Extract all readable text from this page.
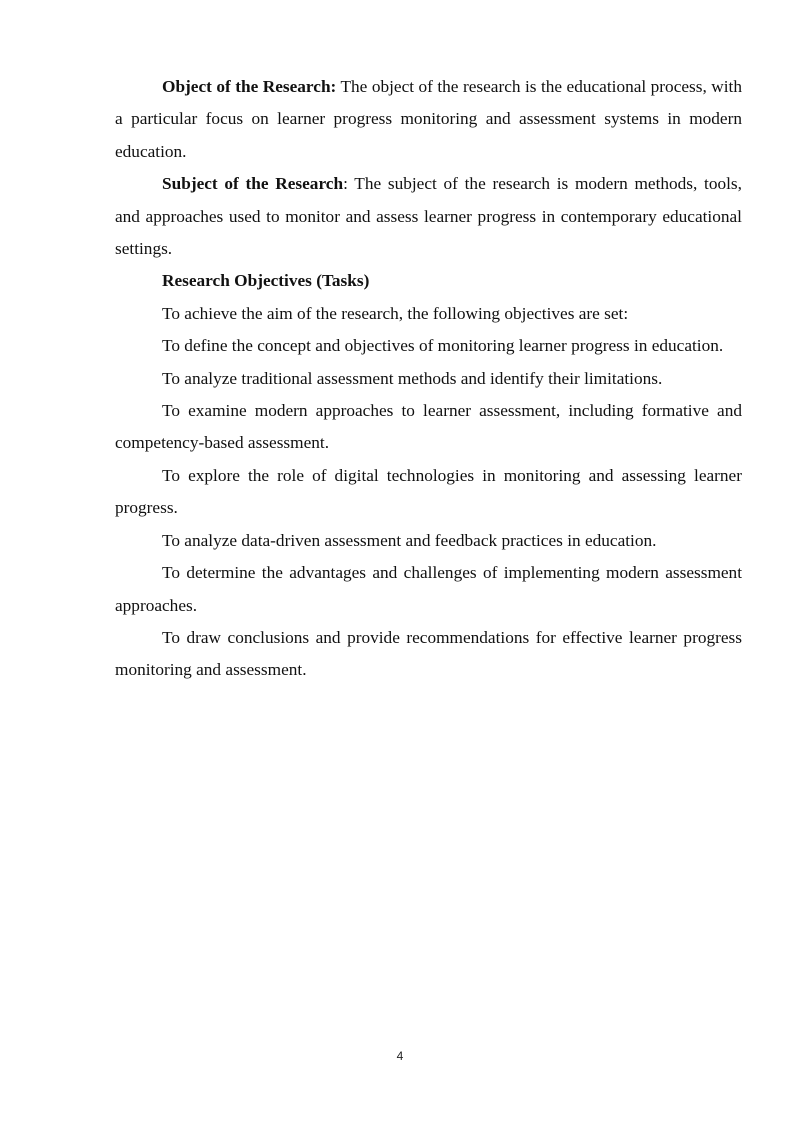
Object of the Research: The object of the research is the educational process, with a particular focus on learner progress monitoring and assessment systems in modern education.

Subject of the Research: The subject of the research is modern methods, tools, and approaches used to monitor and assess learner progress in contemporary educational settings.

Research Objectives (Tasks)

To achieve the aim of the research, the following objectives are set:

To define the concept and objectives of monitoring learner progress in education.

To analyze traditional assessment methods and identify their limitations.

To examine modern approaches to learner assessment, including formative and competency-based assessment.

To explore the role of digital technologies in monitoring and assessing learner progress.

To analyze data-driven assessment and feedback practices in education.

To determine the advantages and challenges of implementing modern assessment approaches.

To draw conclusions and provide recommendations for effective learner progress monitoring and assessment.

4
